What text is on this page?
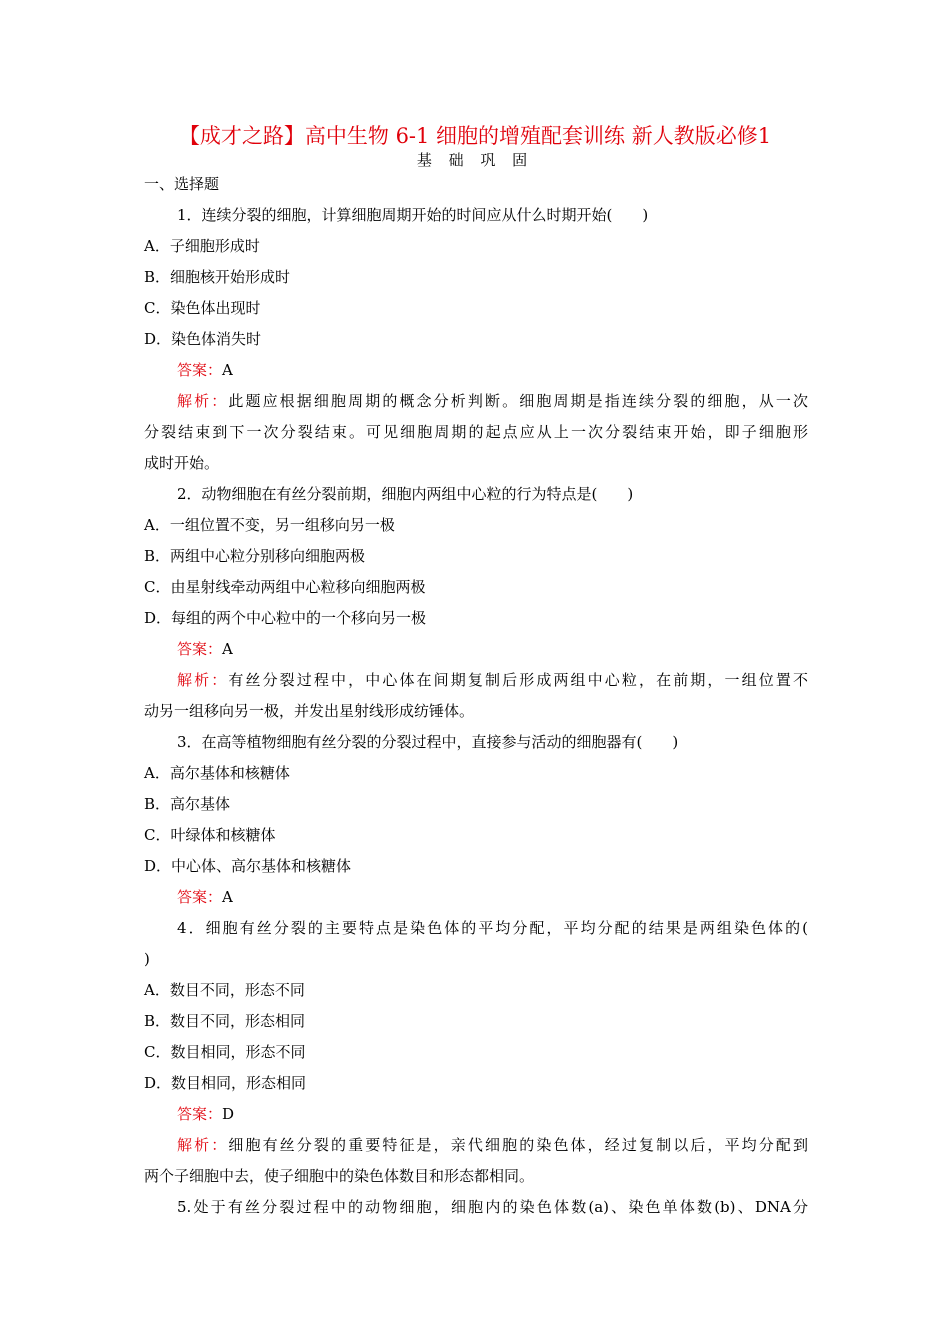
【成才之路】高中生物 6-1 细胞的增殖配套训练 新人教版必修1
基 础 巩 固
一、选择题
1．连续分裂的细胞，计算细胞周期开始的时间应从什么时期开始(　　)
A．子细胞形成时
B．细胞核开始形成时
C．染色体出现时
D．染色体消失时
答案：A
解析：此题应根据细胞周期的概念分析判断。细胞周期是指连续分裂的细胞，从一次
分裂结束到下一次分裂结束。可见细胞周期的起点应从上一次分裂结束开始，即子细胞形
成时开始。
2．动物细胞在有丝分裂前期，细胞内两组中心粒的行为特点是(　　)
A．一组位置不变，另一组移向另一极
B．两组中心粒分别移向细胞两极
C．由星射线牵动两组中心粒移向细胞两极
D．每组的两个中心粒中的一个移向另一极
答案：A
解析：有丝分裂过程中，中心体在间期复制后形成两组中心粒，在前期，一组位置不
动另一组移向另一极，并发出星射线形成纺锤体。
3．在高等植物细胞有丝分裂的分裂过程中，直接参与活动的细胞器有(　　)
A．高尔基体和核糖体
B．高尔基体
C．叶绿体和核糖体
D．中心体、高尔基体和核糖体
答案：A
4．细胞有丝分裂的主要特点是染色体的平均分配，平均分配的结果是两组染色体的(
)
A．数目不同，形态不同
B．数目不同，形态相同
C．数目相同，形态不同
D．数目相同，形态相同
答案：D
解析：细胞有丝分裂的重要特征是，亲代细胞的染色体，经过复制以后，平均分配到
两个子细胞中去，使子细胞中的染色体数目和形态都相同。
5.处于有丝分裂过程中的动物细胞，细胞内的染色体数(a)、染色单体数(b)、DNA分
